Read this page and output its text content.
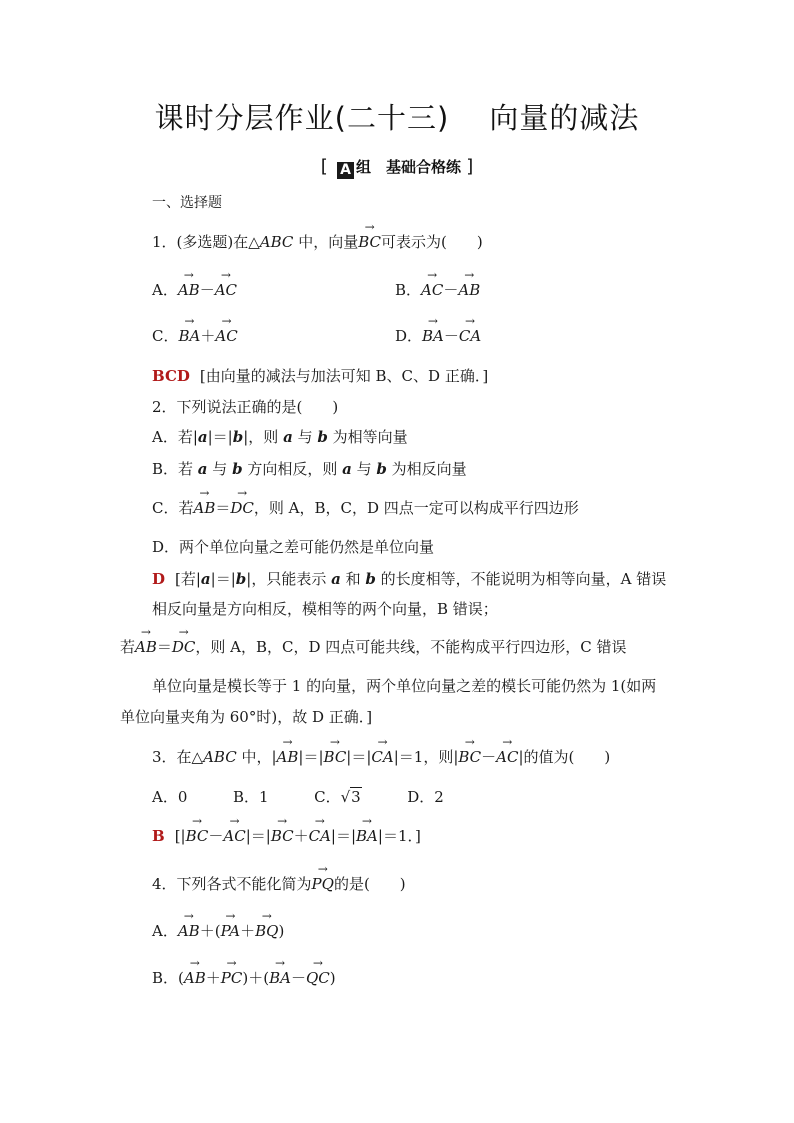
课时分层作业(二十三) 向量的减法
[ A 组　基础合格练 ]
一、选择题
1．(多选题)在△ABC 中，向量→ BC可表示为(　　)
A．→ AB－→ AC	B．→ AC－→ AB
C．→ BA＋→ AC	D．→ BA－→ CA
BCD [由向量的减法与加法可知 B、C、D 正确．]
2．下列说法正确的是(　　)
A．若|a|＝|b|，则 a 与 b 为相等向量
B．若 a 与 b 方向相反，则 a 与 b 为相反向量
C．若→ AB＝→ DC，则 A，B，C，D 四点一定可以构成平行四边形
D．两个单位向量之差可能仍然是单位向量
D [若|a|＝|b|，只能表示 a 和 b 的长度相等，不能说明为相等向量，A 错误
相反向量是方向相反，模相等的两个向量，B 错误；
若→ AB＝→ DC，则 A，B，C，D 四点可能共线，不能构成平行四边形，C 错误
单位向量是模长等于 1 的向量，两个单位向量之差的模长可能仍然为 1(如两
单位向量夹角为 60°时)，故 D 正确．]
3．在△ABC 中，|→ AB|＝|→ BC|＝|→ CA|＝1，则|→ BC－→ AC|的值为(　　)
A．0	B．1	C．√3	D．2
B [|→ BC－→ AC|＝|→ BC＋→ CA|＝|→ BA|＝1．]
4．下列各式不能化简为→ PQ的是(　　)
A．→ AB＋(→ PA＋→ BQ)
B．(→ AB＋→ PC)＋(→ BA－→ QC)
